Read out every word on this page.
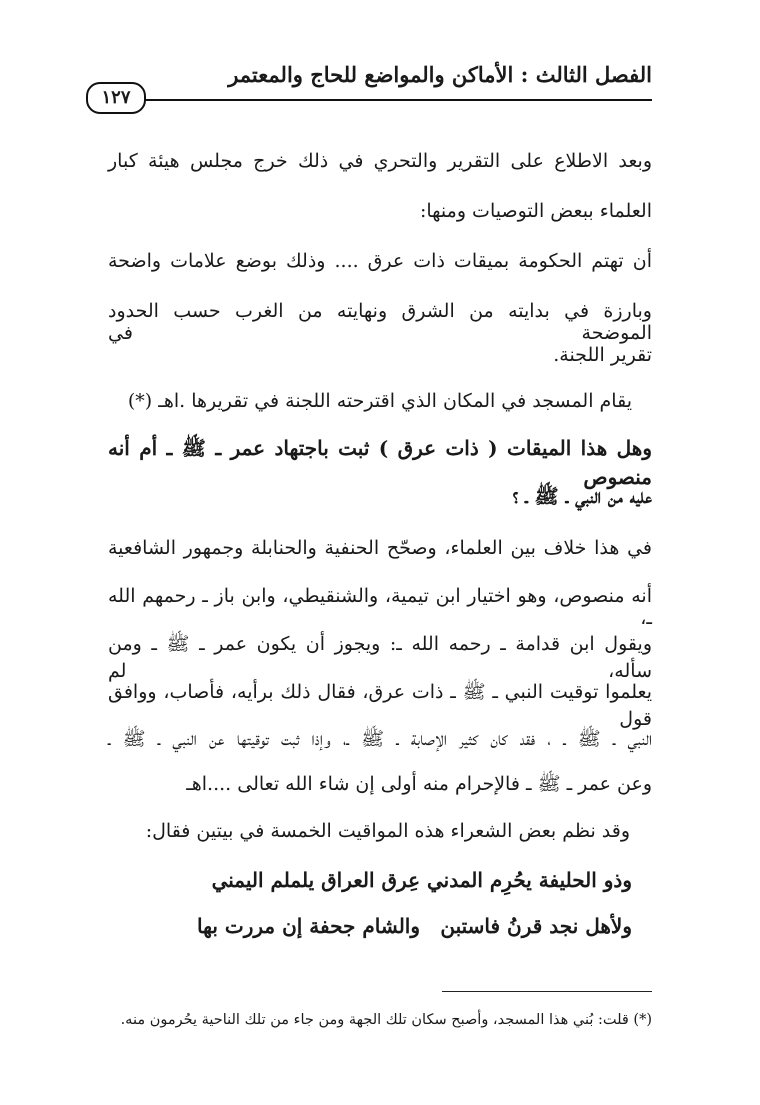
الفصل الثالث : الأماكن والمواضع للحاج والمعتمر
١٢٧
وبعد الاطلاع على التقرير والتحري في ذلك خرج مجلس هيئة كبار
العلماء ببعض التوصيات ومنها:
أن تهتم الحكومة بميقات ذات عرق .... وذلك بوضع علامات واضحة
وبارزة في بدايته من الشرق ونهايته من الغرب حسب الحدود الموضحة في
تقرير اللجنة.
يقام المسجد في المكان الذي اقترحته اللجنة في تقريرها .اهـ (*)
وهل هذا الميقات ( ذات عرق ) ثبت باجتهاد عمر ـ ﷺ ـ أم أنه منصوص
عليه من النبي ـ ﷺ ـ ؟
في هذا خلاف بين العلماء، وصحّح الحنفية والحنابلة وجمهور الشافعية
أنه منصوص، وهو اختيار ابن تيمية، والشنقيطي، وابن باز ـ رحمهم الله ـ،
ويقول ابن قدامة ـ رحمه الله ـ: ويجوز أن يكون عمر ـ ﷺ ـ ومن سأله، لم
يعلموا توقيت النبي ـ ﷺ ـ ذات عرق، فقال ذلك برأيه، فأصاب، ووافق قول
النبي ـ ﷺ ـ ، فقد كان كثير الإصابة ـ ﷺ ـ، وإذا ثبت توقيتها عن النبي ـ ﷺ ـ
وعن عمر ـ ﷺ ـ فالإحرام منه أولى إن شاء الله تعالى ....اهـ
وقد نظم بعض الشعراء هذه المواقيت الخمسة في بيتين فقال:
عِرق العراق يلملم اليمني وذو الحليفة يحُرِم المدني
والشام جحفة إن مررت بها ولأهل نجد قرنُ فاستبن
(*) قلت: بُني هذا المسجد، وأصبح سكان تلك الجهة ومن جاء من تلك الناحية يحُرمون منه.
